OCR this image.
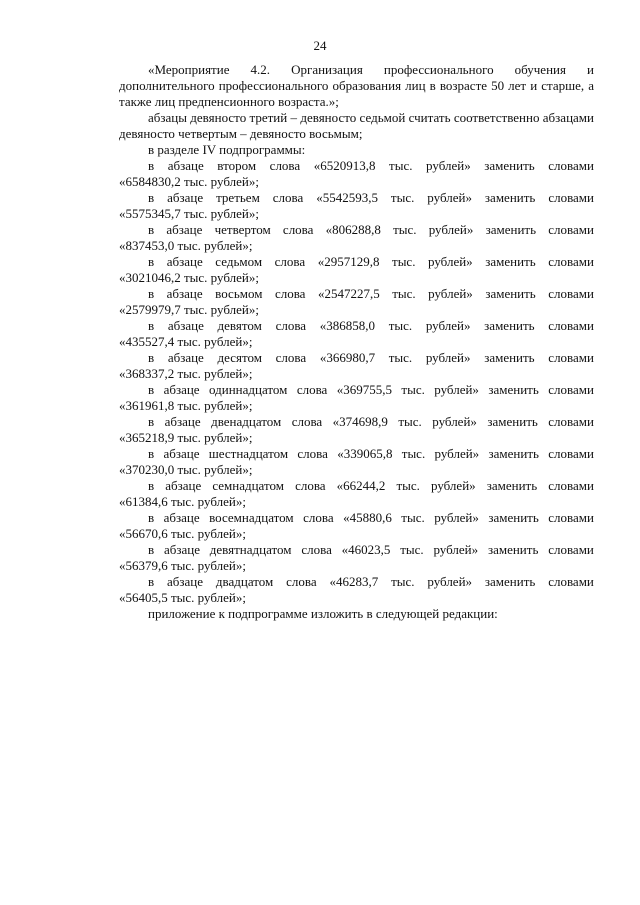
24

«Мероприятие 4.2. Организация профессионального обучения и дополнительного профессионального образования лиц в возрасте 50 лет и старше, а также лиц предпенсионного возраста.»;

абзацы девяносто третий – девяносто седьмой считать соответственно абзацами девяносто четвертым – девяносто восьмым;

в разделе IV подпрограммы:

в абзаце втором слова «6520913,8 тыс. рублей» заменить словами
«6584830,2 тыс. рублей»;
в абзаце третьем слова «5542593,5 тыс. рублей» заменить словами
«5575345,7 тыс. рублей»;
в абзаце четвертом слова «806288,8 тыс. рублей» заменить словами
«837453,0 тыс. рублей»;
в абзаце седьмом слова «2957129,8 тыс. рублей» заменить словами
«3021046,2 тыс. рублей»;
в абзаце восьмом слова «2547227,5 тыс. рублей» заменить словами
«2579979,7 тыс. рублей»;
в абзаце девятом слова «386858,0 тыс. рублей» заменить словами
«435527,4 тыс. рублей»;
в абзаце десятом слова «366980,7 тыс. рублей» заменить словами
«368337,2 тыс. рублей»;
в абзаце одиннадцатом слова «369755,5 тыс. рублей» заменить словами
«361961,8 тыс. рублей»;
в абзаце двенадцатом слова «374698,9 тыс. рублей» заменить словами
«365218,9 тыс. рублей»;
в абзаце шестнадцатом слова «339065,8 тыс. рублей» заменить словами
«370230,0 тыс. рублей»;
в абзаце семнадцатом слова «66244,2 тыс. рублей» заменить словами
«61384,6 тыс. рублей»;
в абзаце восемнадцатом слова «45880,6 тыс. рублей» заменить словами
«56670,6 тыс. рублей»;
в абзаце девятнадцатом слова «46023,5 тыс. рублей» заменить словами
«56379,6 тыс. рублей»;
в абзаце двадцатом слова «46283,7 тыс. рублей» заменить словами
«56405,5 тыс. рублей»;

приложение к подпрограмме изложить в следующей редакции:
